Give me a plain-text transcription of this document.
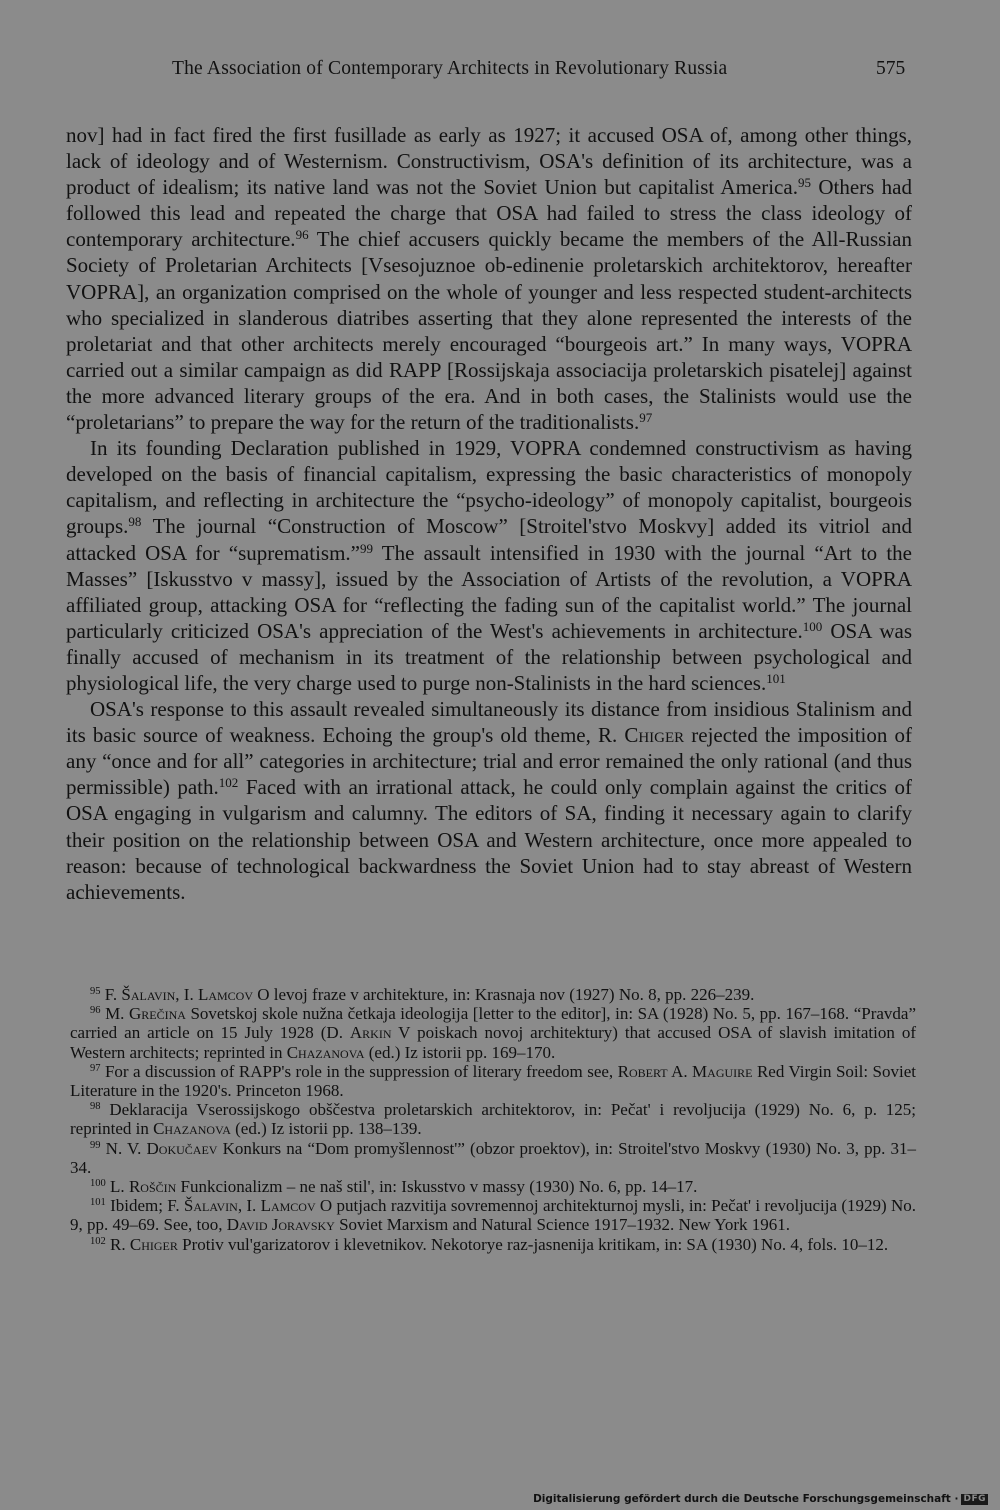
The Association of Contemporary Architects in Revolutionary Russia	575

nov] had in fact fired the first fusillade as early as 1927; it accused OSA of, among other things, lack of ideology and of Westernism. Constructivism, OSA's definition of its architecture, was a product of idealism; its native land was not the Soviet Union but capitalist America.$^{95}$ Others had followed this lead and repeated the charge that OSA had failed to stress the class ideology of contemporary architecture.$^{96}$ The chief accusers quickly became the members of the All-Russian Society of Proletarian Architects [Vsesojuznoe ob-edinenie proletarskich architektorov, hereafter VOPRA], an organization comprised on the whole of younger and less respected student-architects who specialized in slanderous diatribes asserting that they alone represented the interests of the proletariat and that other architects merely encouraged “bourgeois art.” In many ways, VOPRA carried out a similar campaign as did RAPP [Rossijskaja associacija proletarskich pisatelej] against the more advanced literary groups of the era. And in both cases, the Stalinists would use the “proletarians” to prepare the way for the return of the traditionalists.$^{97}$

In its founding Declaration published in 1929, VOPRA condemned constructivism as having developed on the basis of financial capitalism, expressing the basic characteristics of monopoly capitalism, and reflecting in architecture the “psycho-ideology” of monopoly capitalist, bourgeois groups.$^{98}$ The journal “Construction of Moscow” [Stroitel'stvo Moskvy] added its vitriol and attacked OSA for “suprematism.”$^{99}$ The assault intensified in 1930 with the journal “Art to the Masses” [Iskusstvo v massy], issued by the Association of Artists of the revolution, a VOPRA affiliated group, attacking OSA for “reflecting the fading sun of the capitalist world.” The journal particularly criticized OSA's appreciation of the West's achievements in architecture.$^{100}$ OSA was finally accused of mechanism in its treatment of the relationship between psychological and physiological life, the very charge used to purge non-Stalinists in the hard sciences.$^{101}$

OSA's response to this assault revealed simultaneously its distance from insidious Stalinism and its basic source of weakness. Echoing the group's old theme, R. Chiger rejected the imposition of any “once and for all” categories in architecture; trial and error remained the only rational (and thus permissible) path.$^{102}$ Faced with an irrational attack, he could only complain against the critics of OSA engaging in vulgarism and calumny. The editors of SA, finding it necessary again to clarify their position on the relationship between OSA and Western architecture, once more appealed to reason: because of technological backwardness the Soviet Union had to stay abreast of Western achievements.

$^{95}$ F. Šalavin, I. Lamcov O levoj fraze v architekture, in: Krasnaja nov (1927) No. 8, pp. 226–239.

$^{96}$ M. Grečina Sovetskoj skole nužna četkaja ideologija [letter to the editor], in: SA (1928) No. 5, pp. 167–168. “Pravda” carried an article on 15 July 1928 (D. Arkin V poiskach novoj architektury) that accused OSA of slavish imitation of Western architects; reprinted in Chazanova (ed.) Iz istorii pp. 169–170.

$^{97}$ For a discussion of RAPP's role in the suppression of literary freedom see, Robert A. Maguire Red Virgin Soil: Soviet Literature in the 1920's. Princeton 1968.

$^{98}$ Deklaracija Vserossijskogo obščestva proletarskich architektorov, in: Pečat' i revoljucija (1929) No. 6, p. 125; reprinted in Chazanova (ed.) Iz istorii pp. 138–139.

$^{99}$ N. V. Dokučaev Konkurs na “Dom promyšlennost'” (obzor proektov), in: Stroitel'stvo Moskvy (1930) No. 3, pp. 31–34.

$^{100}$ L. Roščin Funkcionalizm – ne naš stil', in: Iskusstvo v massy (1930) No. 6, pp. 14–17.

$^{101}$ Ibidem; F. Šalavin, I. Lamcov O putjach razvitija sovremennoj architekturnoj mysli, in: Pečat' i revoljucija (1929) No. 9, pp. 49–69. See, too, David Joravsky Soviet Marxism and Natural Science 1917–1932. New York 1961.

$^{102}$ R. Chiger Protiv vul'garizatorov i klevetnikov. Nekotorye raz-jasnenija kritikam, in: SA (1930) No. 4, fols. 10–12.

Digitalisierung gefördert durch die Deutsche Forschungsgemeinschaft · DFG
